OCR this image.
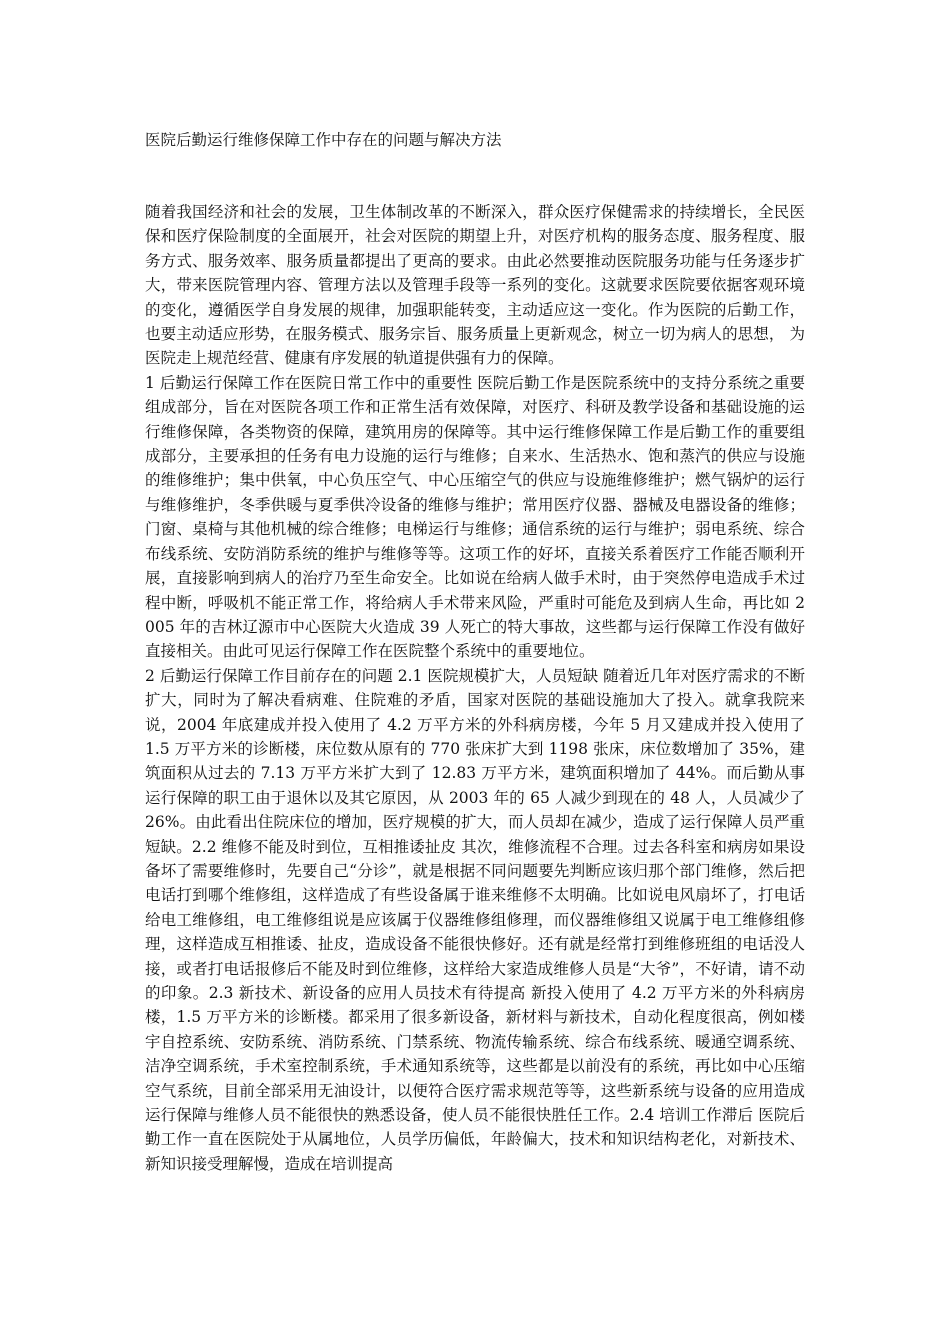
医院后勤运行维修保障工作中存在的问题与解决方法

随着我国经济和社会的发展，卫生体制改革的不断深入，群众医疗保健需求的持续增长，全民医保和医疗保险制度的全面展开，社会对医院的期望上升，对医疗机构的服务态度、服务程度、服务方式、服务效率、服务质量都提出了更高的要求。由此必然要推动医院服务功能与任务逐步扩大，带来医院管理内容、管理方法以及管理手段等一系列的变化。这就要求医院要依据客观环境的变化，遵循医学自身发展的规律，加强职能转变，主动适应这一变化。作为医院的后勤工作，也要主动适应形势，在服务模式、服务宗旨、服务质量上更新观念，树立一切为病人的思想， 为医院走上规范经营、健康有序发展的轨道提供强有力的保障。

1 后勤运行保障工作在医院日常工作中的重要性 医院后勤工作是医院系统中的支持分系统之重要组成部分，旨在对医院各项工作和正常生活有效保障，对医疗、科研及教学设备和基础设施的运行维修保障，各类物资的保障，建筑用房的保障等。其中运行维修保障工作是后勤工作的重要组成部分，主要承担的任务有电力设施的运行与维修；自来水、生活热水、饱和蒸汽的供应与设施的维修维护；集中供氧，中心负压空气、中心压缩空气的供应与设施维修维护；燃气锅炉的运行与维修维护，冬季供暖与夏季供冷设备的维修与维护；常用医疗仪器、器械及电器设备的维修；门窗、桌椅与其他机械的综合维修；电梯运行与维修；通信系统的运行与维护；弱电系统、综合布线系统、安防消防系统的维护与维修等等。这项工作的好坏，直接关系着医疗工作能否顺利开展，直接影响到病人的治疗乃至生命安全。比如说在给病人做手术时，由于突然停电造成手术过程中断，呼吸机不能正常工作，将给病人手术带来风险，严重时可能危及到病人生命，再比如 2005 年的吉林辽源市中心医院大火造成 39 人死亡的特大事故，这些都与运行保障工作没有做好直接相关。由此可见运行保障工作在医院整个系统中的重要地位。

2 后勤运行保障工作目前存在的问题 2.1 医院规模扩大，人员短缺 随着近几年对医疗需求的不断扩大，同时为了解决看病难、住院难的矛盾，国家对医院的基础设施加大了投入。就拿我院来说，2004 年底建成并投入使用了 4.2 万平方米的外科病房楼，今年 5 月又建成并投入使用了 1.5 万平方米的诊断楼，床位数从原有的 770 张床扩大到 1198 张床，床位数增加了 35%，建筑面积从过去的 7.13 万平方米扩大到了 12.83 万平方米，建筑面积增加了 44%。而后勤从事运行保障的职工由于退休以及其它原因，从 2003 年的 65 人减少到现在的 48 人，人员减少了 26%。由此看出住院床位的增加，医疗规模的扩大，而人员却在减少，造成了运行保障人员严重短缺。2.2 维修不能及时到位，互相推诿扯皮 其次，维修流程不合理。过去各科室和病房如果设备坏了需要维修时，先要自己“分诊”，就是根据不同问题要先判断应该归那个部门维修，然后把电话打到哪个维修组，这样造成了有些设备属于谁来维修不太明确。比如说电风扇坏了，打电话给电工维修组，电工维修组说是应该属于仪器维修组修理，而仪器维修组又说属于电工维修组修理，这样造成互相推诿、扯皮，造成设备不能很快修好。还有就是经常打到维修班组的电话没人接，或者打电话报修后不能及时到位维修，这样给大家造成维修人员是“大爷”，不好请，请不动的印象。2.3 新技术、新设备的应用人员技术有待提高 新投入使用了 4.2 万平方米的外科病房楼，1.5 万平方米的诊断楼。都采用了很多新设备，新材料与新技术，自动化程度很高，例如楼宇自控系统、安防系统、消防系统、门禁系统、物流传输系统、综合布线系统、暖通空调系统、洁净空调系统，手术室控制系统，手术通知系统等，这些都是以前没有的系统，再比如中心压缩空气系统，目前全部采用无油设计，以便符合医疗需求规范等等，这些新系统与设备的应用造成运行保障与维修人员不能很快的熟悉设备，使人员不能很快胜任工作。2.4 培训工作滞后 医院后勤工作一直在医院处于从属地位，人员学历偏低，年龄偏大，技术和知识结构老化，对新技术、新知识接受理解慢，造成在培训提高
